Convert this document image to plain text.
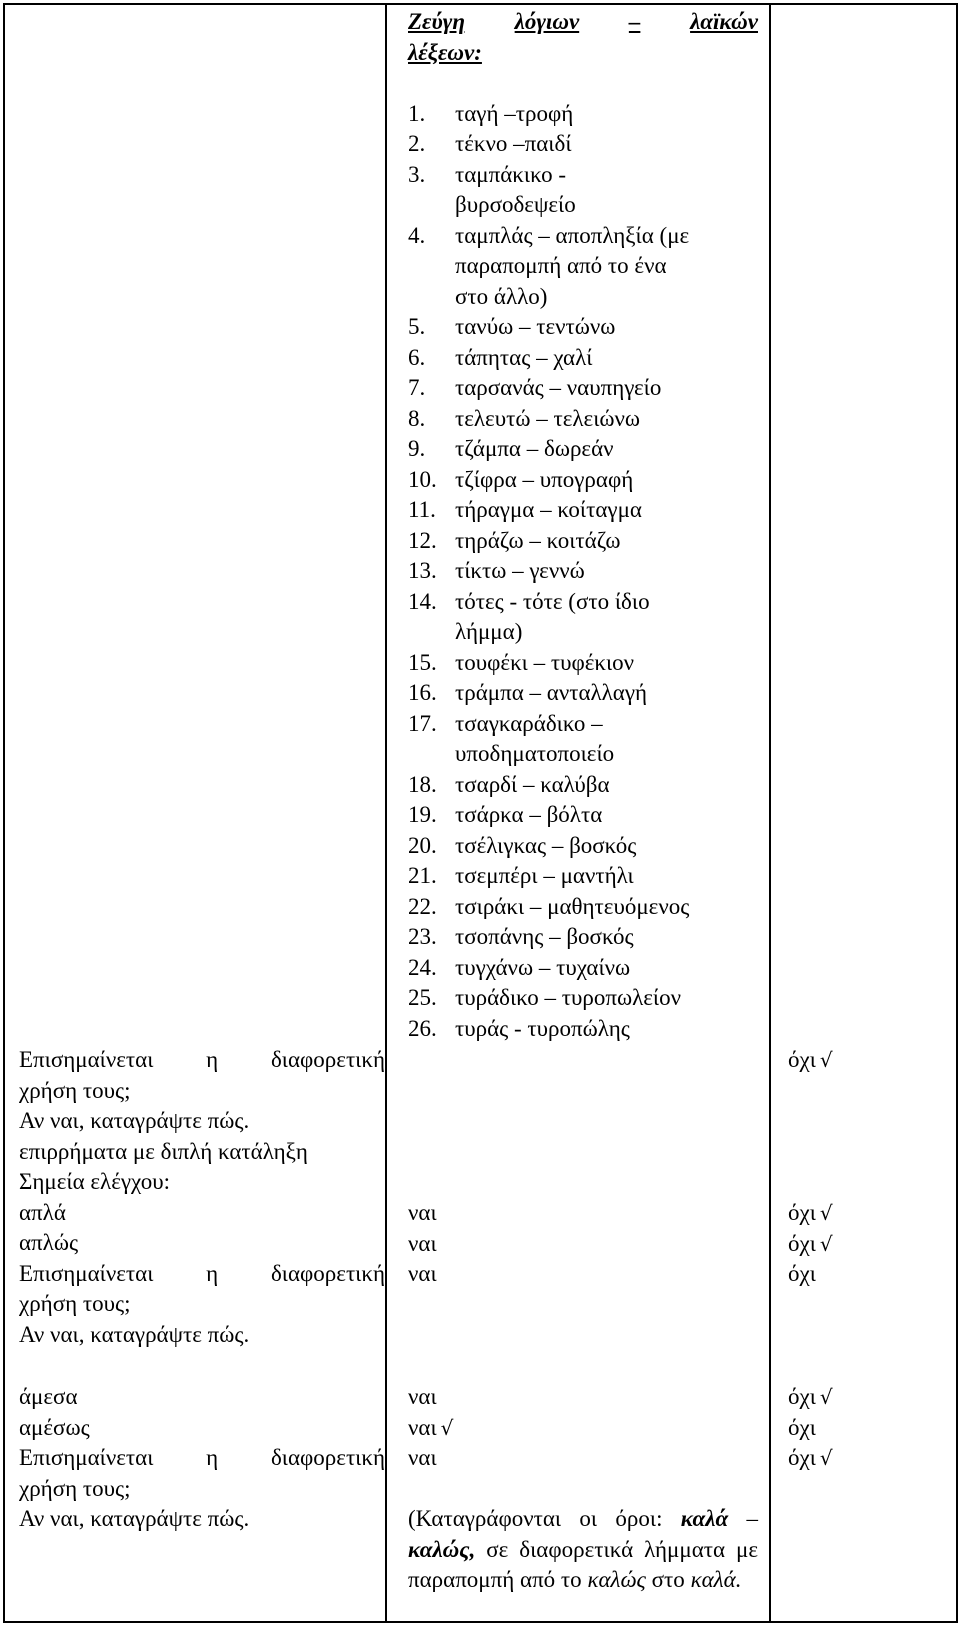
Ζεύγη λόγιων – λαϊκών
λέξεων:
1. ταγή –τροφή
2. τέκνο –παιδί
3. ταμπάκικο -
βυρσοδεψείο
4. ταμπλάς – αποπληξία (με
παραπομπή από το ένα
στο άλλο)
5. τανύω – τεντώνω
6. τάπητας – χαλί
7. ταρσανάς – ναυπηγείο
8. τελευτώ – τελειώνω
9. τζάμπα – δωρεάν
10. τζίφρα – υπογραφή
11. τήραγμα – κοίταγμα
12. τηράζω – κοιτάζω
13. τίκτω – γεννώ
14. τότες - τότε (στο ίδιο
λήμμα)
15. τουφέκι – τυφέκιον
16. τράμπα – ανταλλαγή
17. τσαγκαράδικο –
υποδηματοποιείο
18. τσαρδί – καλύβα
19. τσάρκα – βόλτα
20. τσέλιγκας – βοσκός
21. τσεμπέρι – μαντήλι
22. τσιράκι – μαθητευόμενος
23. τσοπάνης – βοσκός
24. τυγχάνω – τυχαίνω
25. τυράδικο – τυροπωλείον
26. τυράς - τυροπώλης
όχι √
Επισημαίνεται η διαφορετική
χρήση τους;
Αν ναι, καταγράψτε πώς.
επιρρήματα με διπλή κατάληξη
Σημεία ελέγχου:
απλά
απλώς
Επισημαίνεται η διαφορετική
χρήση τους;
Αν ναι, καταγράψτε πώς.
ναι
ναι
ναι
όχι √
όχι √
όχι
άμεσα
αμέσως
Επισημαίνεται η διαφορετική
χρήση τους;
Αν ναι, καταγράψτε πώς.
ναι
ναι √
ναι
(Καταγράφονται οι όροι: καλά – καλώς, σε διαφορετικά λήμματα με παραπομπή από το καλώς στο καλά.
όχι √
όχι
όχι √
